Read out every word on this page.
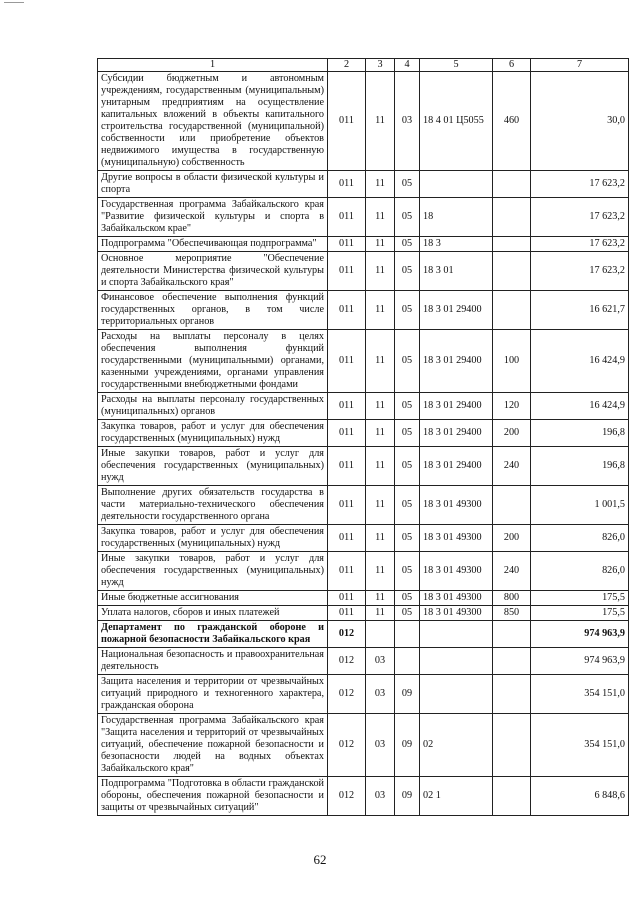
1	2	3	4	5	6	7
Субсидии бюджетным и автономным учреждениям, государственным (муниципальным) унитарным предприятиям на осуществление капитальных вложений в объекты капитального строительства государственной (муниципальной) собственности или приобретение объектов недвижимого имущества в государственную (муниципальную) собственность	011	11	03	18 4 01 Ц5055	460	30,0
Другие вопросы в области физической культуры и спорта	011	11	05			17 623,2
Государственная программа Забайкальского края "Развитие физической культуры и спорта в Забайкальском крае"	011	11	05	18		17 623,2
Подпрограмма "Обеспечивающая подпрограмма"	011	11	05	18 3		17 623,2
Основное мероприятие "Обеспечение деятельности Министерства физической культуры и спорта Забайкальского края"	011	11	05	18 3 01		17 623,2
Финансовое обеспечение выполнения функций государственных органов, в том числе территориальных органов	011	11	05	18 3 01 29400		16 621,7
Расходы на выплаты персоналу в целях обеспечения выполнения функций государственными (муниципальными) органами, казенными учреждениями, органами управления государственными внебюджетными фондами	011	11	05	18 3 01 29400	100	16 424,9
Расходы на выплаты персоналу государственных (муниципальных) органов	011	11	05	18 3 01 29400	120	16 424,9
Закупка товаров, работ и услуг для обеспечения государственных (муниципальных) нужд	011	11	05	18 3 01 29400	200	196,8
Иные закупки товаров, работ и услуг для обеспечения государственных (муниципальных) нужд	011	11	05	18 3 01 29400	240	196,8
Выполнение других обязательств государства в части материально-технического обеспечения деятельности государственного органа	011	11	05	18 3 01 49300		1 001,5
Закупка товаров, работ и услуг для обеспечения государственных (муниципальных) нужд	011	11	05	18 3 01 49300	200	826,0
Иные закупки товаров, работ и услуг для обеспечения государственных (муниципальных) нужд	011	11	05	18 3 01 49300	240	826,0
Иные бюджетные ассигнования	011	11	05	18 3 01 49300	800	175,5
Уплата налогов, сборов и иных платежей	011	11	05	18 3 01 49300	850	175,5
Департамент по гражданской обороне и пожарной безопасности Забайкальского края	012					974 963,9
Национальная безопасность и правоохранительная деятельность	012	03				974 963,9
Защита населения и территории от чрезвычайных ситуаций природного и техногенного характера, гражданская оборона	012	03	09			354 151,0
Государственная программа Забайкальского края "Защита населения и территорий от чрезвычайных ситуаций, обеспечение пожарной безопасности и безопасности людей на водных объектах Забайкальского края"	012	03	09	02		354 151,0
Подпрограмма "Подготовка в области гражданской обороны, обеспечения пожарной безопасности и защиты от чрезвычайных ситуаций"	012	03	09	02 1		6 848,6
62
